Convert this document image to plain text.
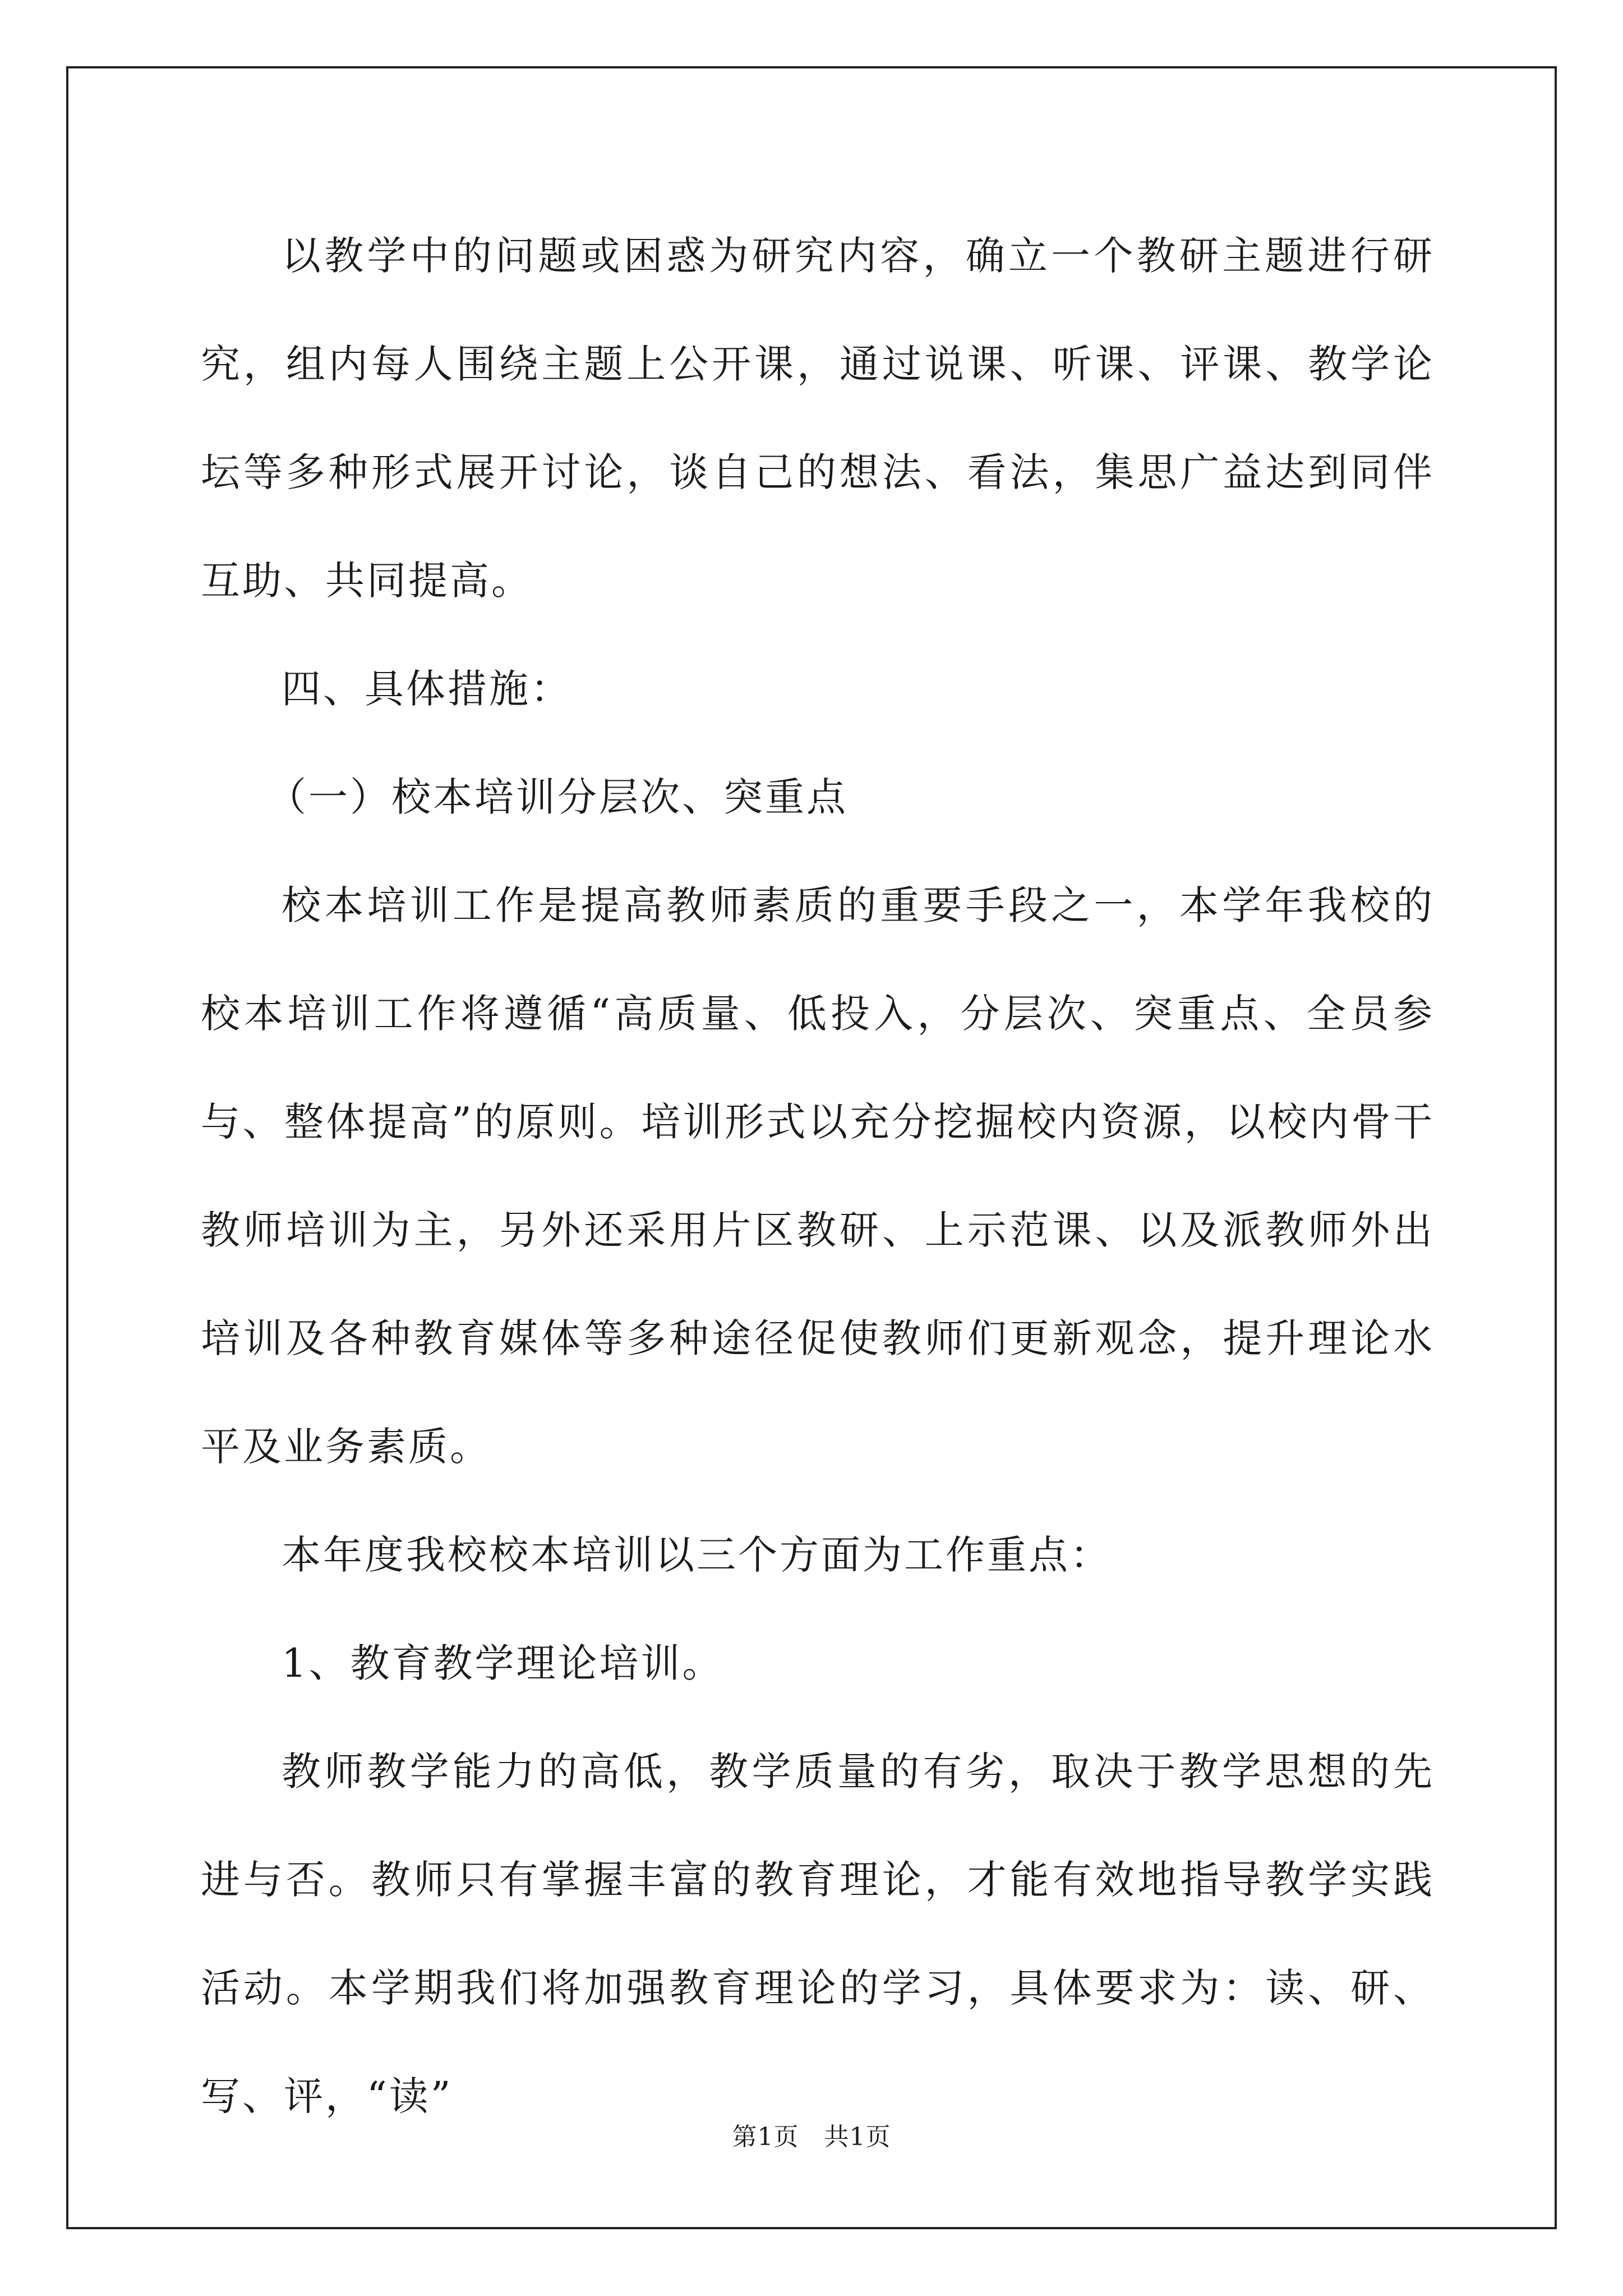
以教学中的问题或困惑为研究内容，确立一个教研主题进行研究，组内每人围绕主题上公开课，通过说课、听课、评课、教学论坛等多种形式展开讨论，谈自己的想法、看法，集思广益达到同伴互助、共同提高。

四、具体措施：

（一）校本培训分层次、突重点

校本培训工作是提高教师素质的重要手段之一，本学年我校的校本培训工作将遵循“高质量、低投入，分层次、突重点、全员参与、整体提高”的原则。培训形式以充分挖掘校内资源，以校内骨干教师培训为主，另外还采用片区教研、上示范课、以及派教师外出培训及各种教育媒体等多种途径促使教师们更新观念，提升理论水平及业务素质。

本年度我校校本培训以三个方面为工作重点：

1、教育教学理论培训。

教师教学能力的高低，教学质量的有劣，取决于教学思想的先进与否。教师只有掌握丰富的教育理论，才能有效地指导教学实践活动。本学期我们将加强教育理论的学习，具体要求为：读、研、写、评，“读”

第1页　共1页
